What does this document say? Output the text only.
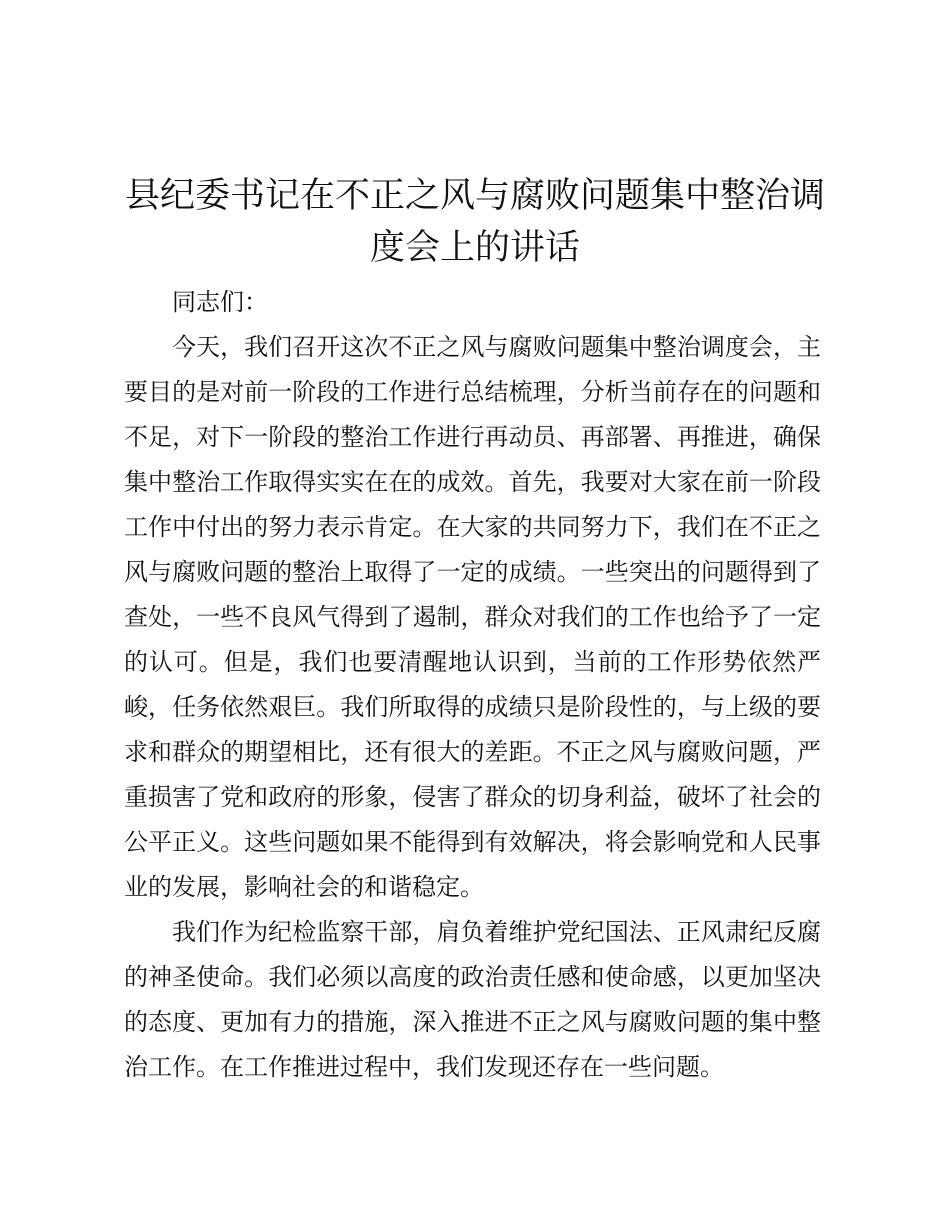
县纪委书记在不正之风与腐败问题集中整治调度会上的讲话

同志们：

今天，我们召开这次不正之风与腐败问题集中整治调度会，主要目的是对前一阶段的工作进行总结梳理，分析当前存在的问题和不足，对下一阶段的整治工作进行再动员、再部署、再推进，确保集中整治工作取得实实在在的成效。首先，我要对大家在前一阶段工作中付出的努力表示肯定。在大家的共同努力下，我们在不正之风与腐败问题的整治上取得了一定的成绩。一些突出的问题得到了查处，一些不良风气得到了遏制，群众对我们的工作也给予了一定的认可。但是，我们也要清醒地认识到，当前的工作形势依然严峻，任务依然艰巨。我们所取得的成绩只是阶段性的，与上级的要求和群众的期望相比，还有很大的差距。不正之风与腐败问题，严重损害了党和政府的形象，侵害了群众的切身利益，破坏了社会的公平正义。这些问题如果不能得到有效解决，将会影响党和人民事业的发展，影响社会的和谐稳定。

我们作为纪检监察干部，肩负着维护党纪国法、正风肃纪反腐的神圣使命。我们必须以高度的政治责任感和使命感，以更加坚决的态度、更加有力的措施，深入推进不正之风与腐败问题的集中整治工作。在工作推进过程中，我们发现还存在一些问题。
